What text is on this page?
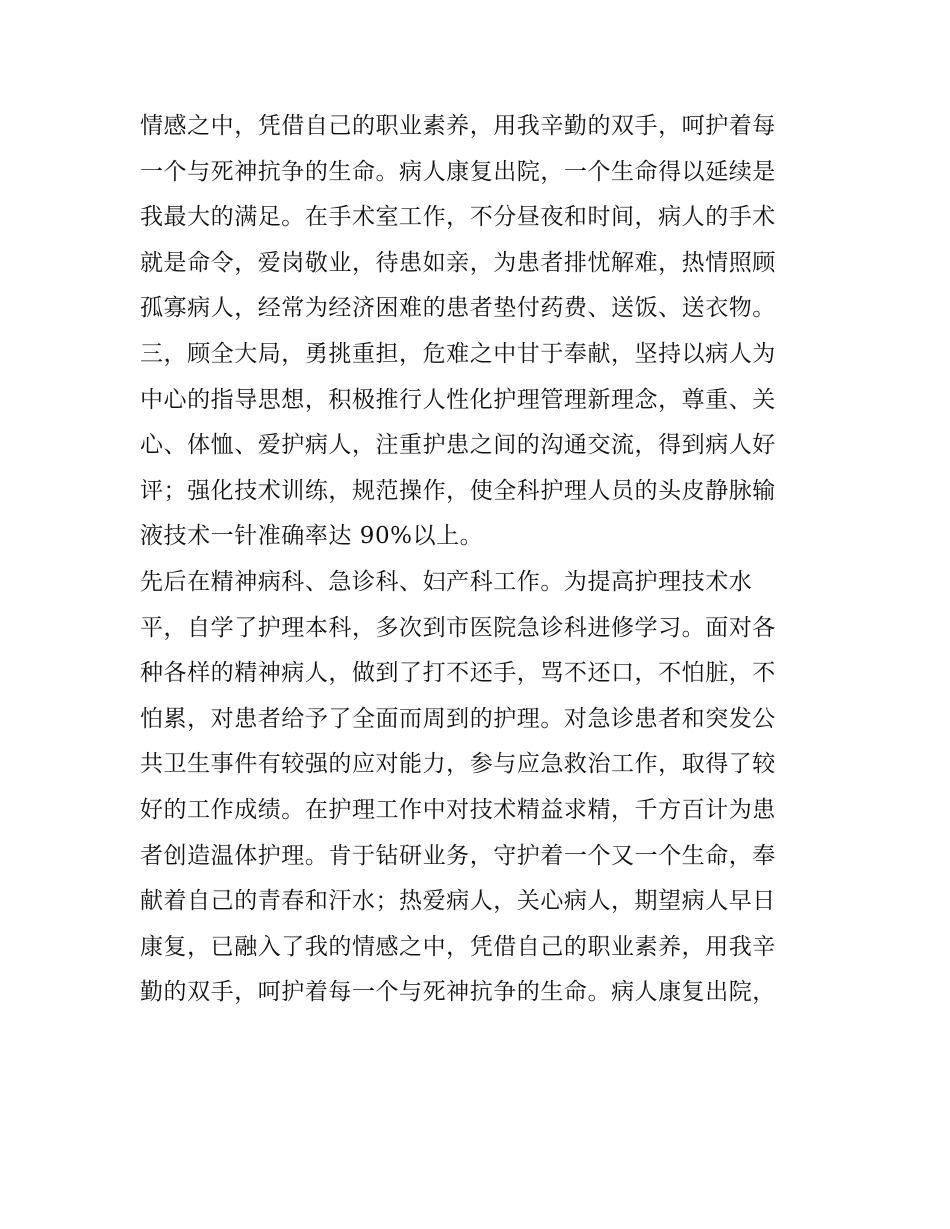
情感之中，凭借自己的职业素养，用我辛勤的双手，呵护着每
一个与死神抗争的生命。病人康复出院，一个生命得以延续是
我最大的满足。在手术室工作，不分昼夜和时间，病人的手术
就是命令，爱岗敬业，待患如亲，为患者排忧解难，热情照顾
孤寡病人，经常为经济困难的患者垫付药费、送饭、送衣物。
三，顾全大局，勇挑重担，危难之中甘于奉献，坚持以病人为
中心的指导思想，积极推行人性化护理管理新理念，尊重、关
心、体恤、爱护病人，注重护患之间的沟通交流，得到病人好
评；强化技术训练，规范操作，使全科护理人员的头皮静脉输
液技术一针准确率达 90%以上。
先后在精神病科、急诊科、妇产科工作。为提高护理技术水
平，自学了护理本科，多次到市医院急诊科进修学习。面对各
种各样的精神病人，做到了打不还手，骂不还口，不怕脏，不
怕累，对患者给予了全面而周到的护理。对急诊患者和突发公
共卫生事件有较强的应对能力，参与应急救治工作，取得了较
好的工作成绩。在护理工作中对技术精益求精，千方百计为患
者创造温体护理。肯于钻研业务，守护着一个又一个生命，奉
献着自己的青春和汗水；热爱病人，关心病人，期望病人早日
康复，已融入了我的情感之中，凭借自己的职业素养，用我辛
勤的双手，呵护着每一个与死神抗争的生命。病人康复出院，
